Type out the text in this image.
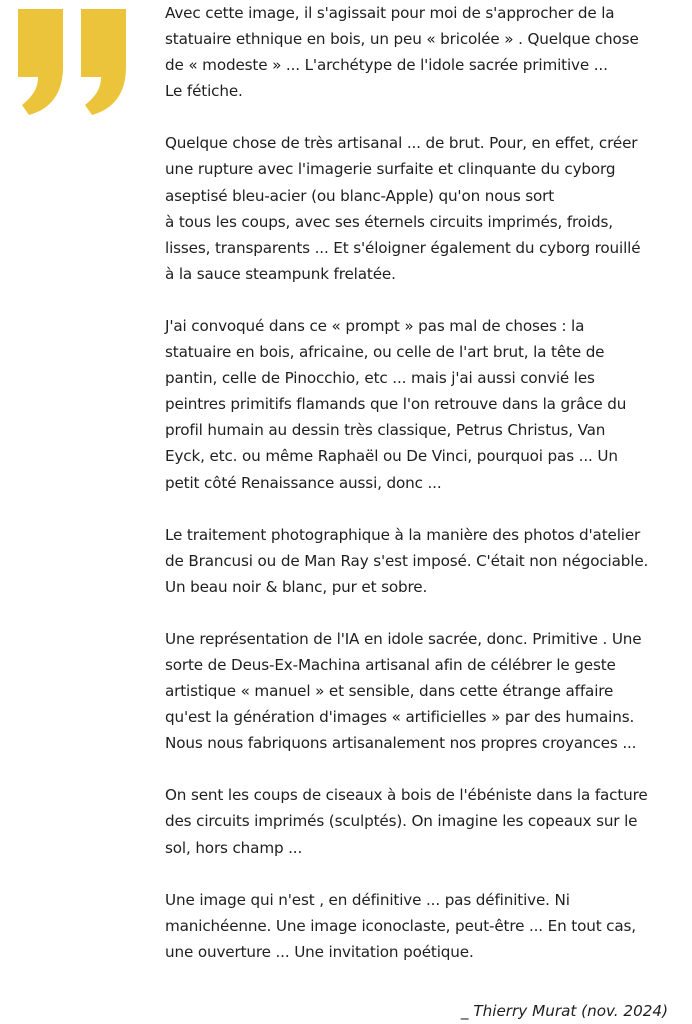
Avec cette image, il s'agissait pour moi de s'approcher de la
statuaire ethnique en bois, un peu « bricolée » . Quelque chose
de « modeste » ... L'archétype de l'idole sacrée primitive ...
Le fétiche.

Quelque chose de très artisanal ... de brut. Pour, en effet, créer
une rupture avec l'imagerie surfaite et clinquante du cyborg
aseptisé bleu-acier (ou blanc-Apple) qu'on nous sort
à tous les coups, avec ses éternels circuits imprimés, froids,
lisses, transparents ... Et s'éloigner également du cyborg rouillé
à la sauce steampunk frelatée.

J'ai convoqué dans ce « prompt » pas mal de choses : la
statuaire en bois, africaine, ou celle de l'art brut, la tête de
pantin, celle de Pinocchio, etc ... mais j'ai aussi convié les
peintres primitifs flamands que l'on retrouve dans la grâce du
profil humain au dessin très classique, Petrus Christus, Van
Eyck, etc. ou même Raphaël ou De Vinci, pourquoi pas ... Un
petit côté Renaissance aussi, donc ...

Le traitement photographique à la manière des photos d'atelier
de Brancusi ou de Man Ray s'est imposé. C'était non négociable.
Un beau noir & blanc, pur et sobre.

Une représentation de l'IA en idole sacrée, donc. Primitive . Une
sorte de Deus-Ex-Machina artisanal afin de célébrer le geste
artistique « manuel » et sensible, dans cette étrange affaire
qu'est la génération d'images « artificielles » par des humains.
Nous nous fabriquons artisanalement nos propres croyances ...

On sent les coups de ciseaux à bois de l'ébéniste dans la facture
des circuits imprimés (sculptés). On imagine les copeaux sur le
sol, hors champ ...

Une image qui n'est , en définitive ... pas définitive. Ni
manichéenne. Une image iconoclaste, peut-être ... En tout cas,
une ouverture ... Une invitation poétique.

_ Thierry Murat (nov. 2024)
